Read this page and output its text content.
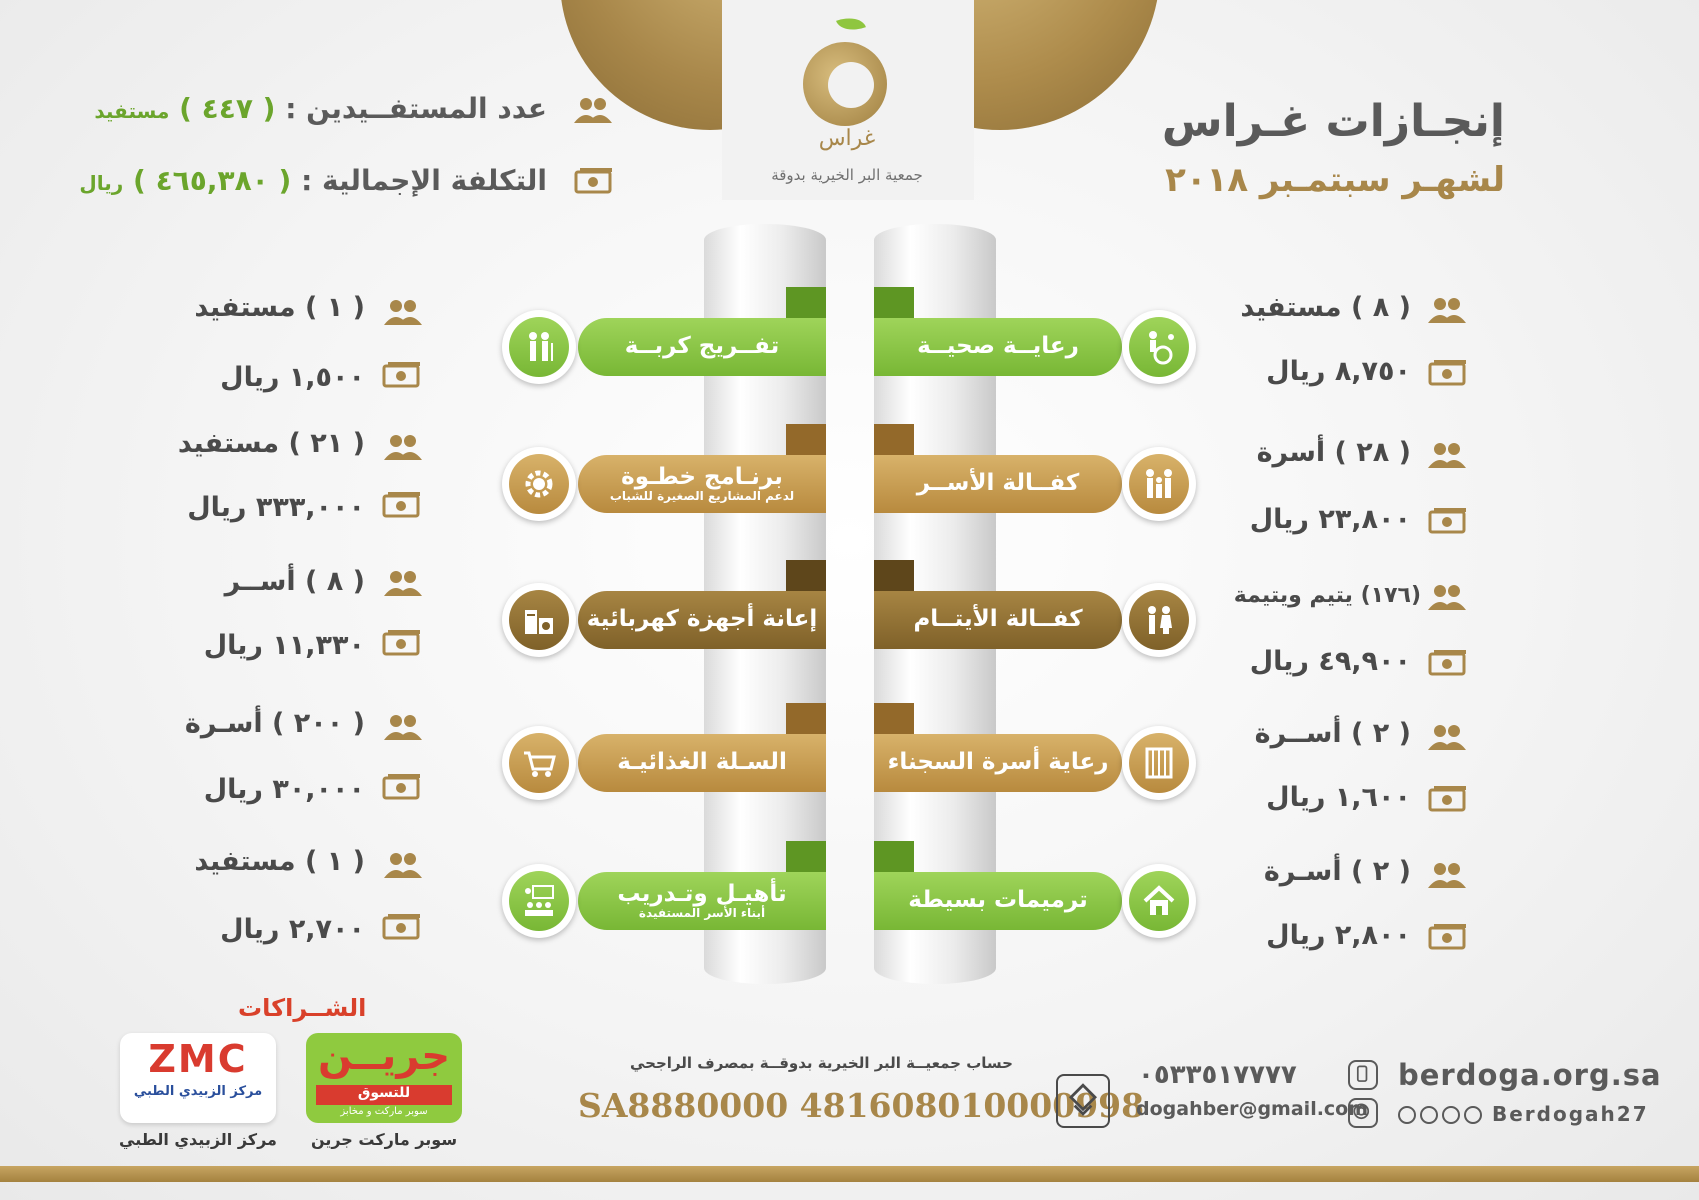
غراس
جمعية البر الخيرية بدوقة
إنجـازات غـراس
لشهـر سبتمـبر ٢٠١٨
عدد المستفــيدين : ( ٤٤٧ ) مستفيد
التكلفة الإجمالية : ( ٤٦٥,٣٨٠ ) ريال
رعايــة صحيــة
( ٨ ) مستفيد
٨,٧٥٠ ريال
كفــالة الأســر
( ٢٨ ) أسرة
٢٣,٨٠٠ ريال
كفــالة الأيتــام
(١٧٦) يتيم ويتيمة
٤٩,٩٠٠ ريال
رعاية أسرة السجناء
( ٢ ) أســرة
١,٦٠٠ ريال
ترميمات بسيطة
( ٢ ) أسـرة
٢,٨٠٠ ريال
تفــريج كربــة
( ١ ) مستفيد
١,٥٠٠ ريال
برنـامج خطـوة
لدعم المشاريع الصغيرة للشباب
( ٢١ ) مستفيد
٣٣٣,٠٠٠ ريال
إعانة أجهزة كهربائية
( ٨ ) أســر
١١,٣٣٠ ريال
السـلة الغذائيـة
( ٢٠٠ ) أسـرة
٣٠,٠٠٠ ريال
تأهيـل وتـدريب
أبناء الأسر المستفيدة
( ١ ) مستفيد
٢,٧٠٠ ريال
الشــراكات
ZMC
مركز الزبيدي الطبي
مركز الزبيدي الطبي
جريــن
للتسوق
سوبر ماركت و مخابز
سوبر ماركت جرين
حساب جمعيــة البر الخيرية بدوقــة بمصرف الراجحي
SA8880000 481608010000998
٠٥٣٣٥١٧٧٧٧
dogahber@gmail.com
berdoga.org.sa
Berdogah27
